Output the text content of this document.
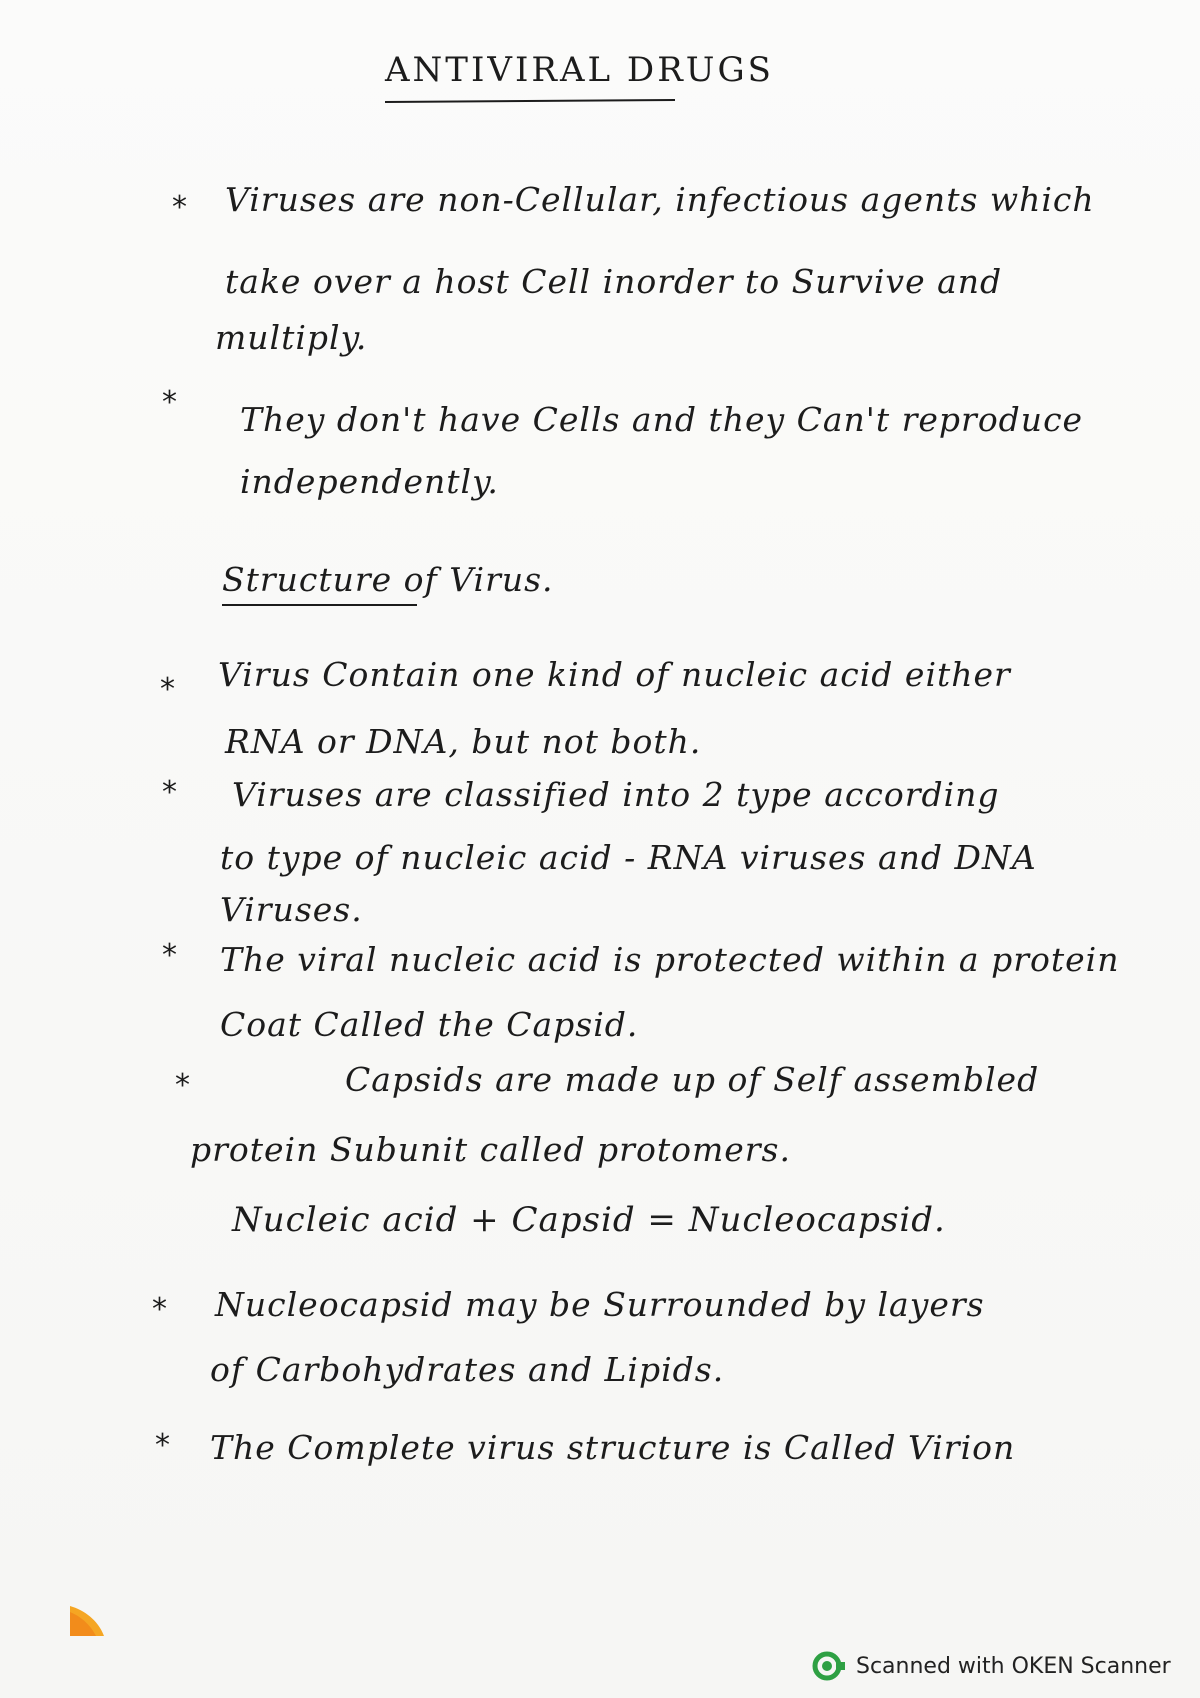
ANTIVIRAL DRUGS
* Viruses are non-Cellular, infectious agents which
take over a host Cell inorder to Survive and
multiply.
* They don't have Cells and they Can't reproduce
independently.
Structure of Virus.
* Virus Contain one kind of nucleic acid either
RNA or DNA, but not both.
* Viruses are classified into 2 type according
to type of nucleic acid - RNA viruses and DNA
Viruses.
* The viral nucleic acid is protected within a protein
Coat Called the Capsid.
*	Capsids are made up of Self assembled
protein Subunit called protomers.
Nucleic acid + Capsid = Nucleocapsid.
* Nucleocapsid may be Surrounded by layers
of Carbohydrates and Lipids.
* The Complete virus structure is Called Virion
Scanned with OKEN Scanner
